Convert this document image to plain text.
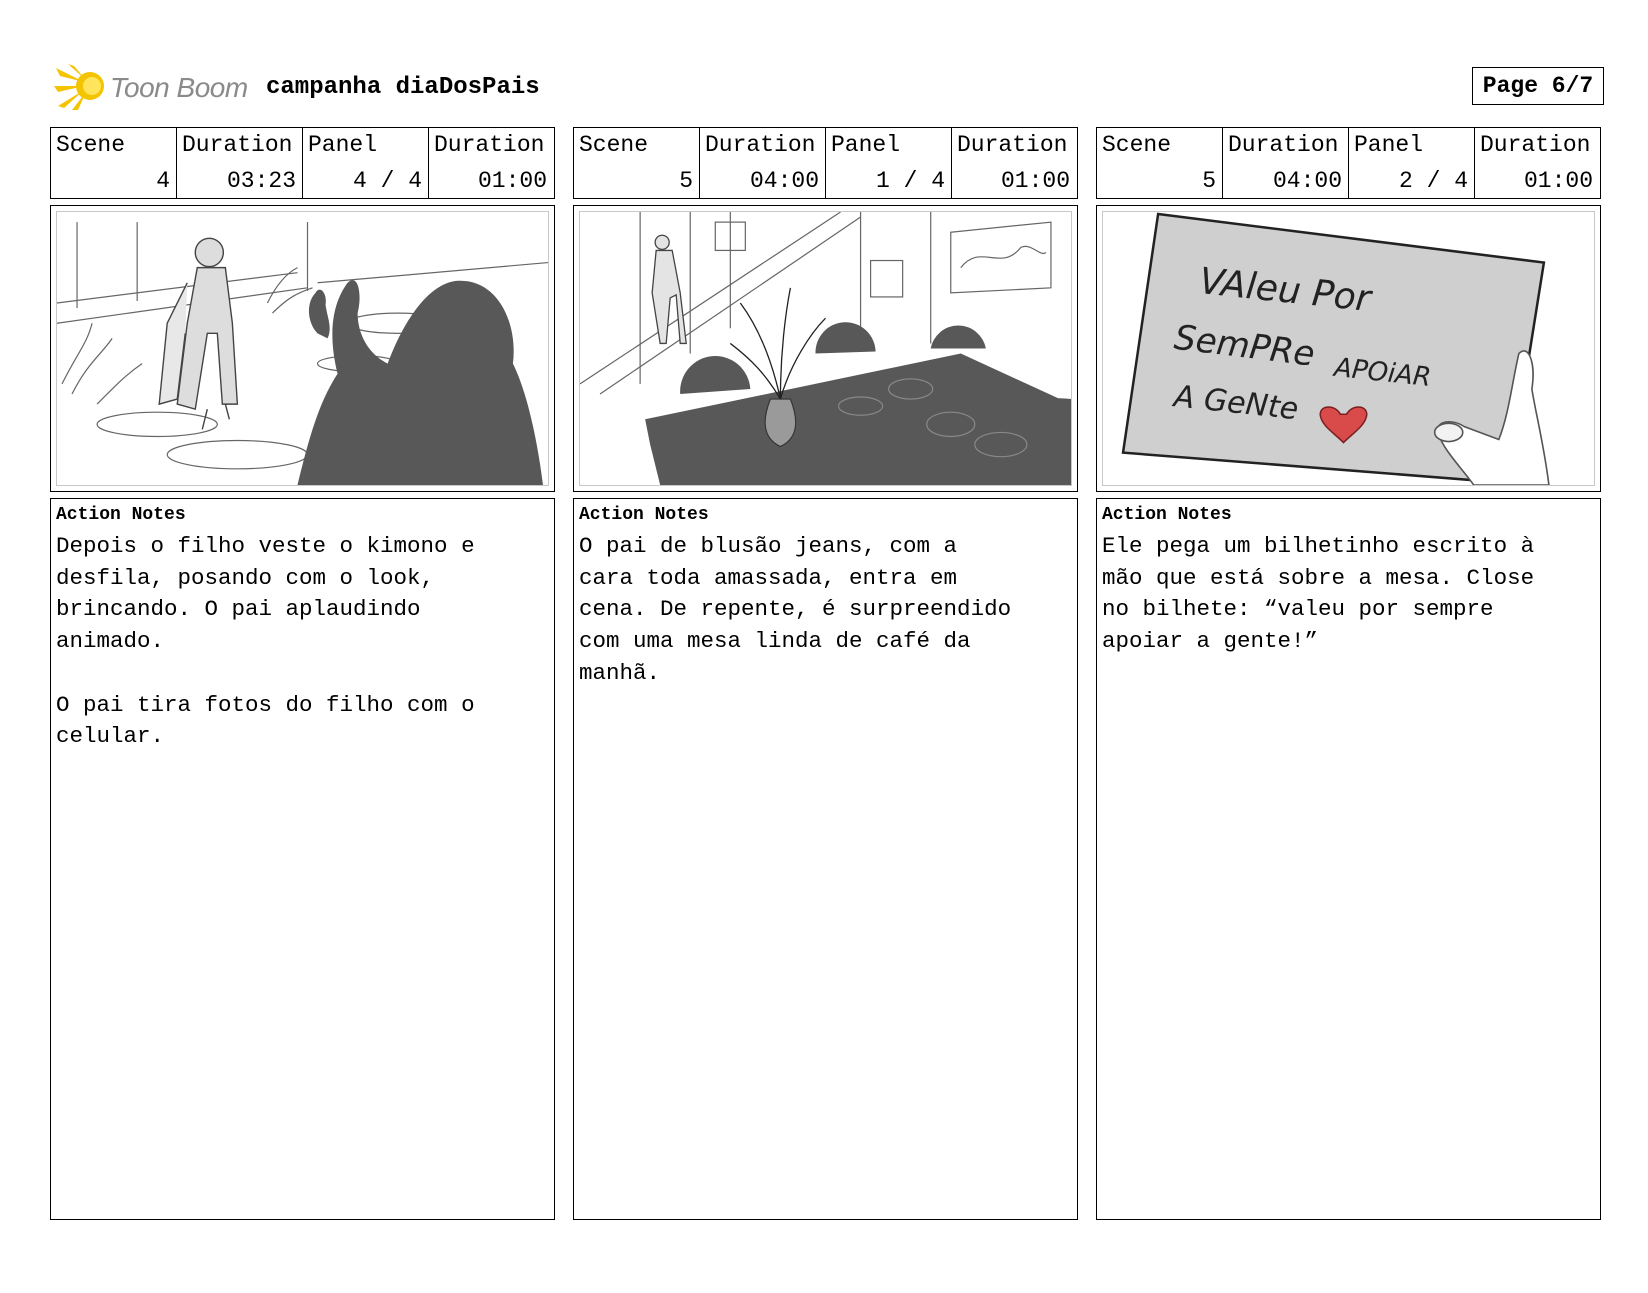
Toon Boom campanha diaDosPais	Page 6/7
Scene
4
Duration
03:23
Panel
4 / 4
Duration
01:00
Action Notes
Depois o filho veste o kimono e
desfila, posando com o look,
brincando. O pai aplaudindo
animado.

O pai tira fotos do filho com o
celular.
Scene
5
Duration
04:00
Panel
1 / 4
Duration
01:00
Action Notes
O pai de blusão jeans, com a
cara toda amassada, entra em
cena. De repente, é surpreendido
com uma mesa linda de café da
manhã.
Scene
5
Duration
04:00
Panel
2 / 4
Duration
01:00
VAleu Por
SemPRe APOiAR
A GeNte
Action Notes
Ele pega um bilhetinho escrito à
mão que está sobre a mesa. Close
no bilhete: “valeu por sempre
apoiar a gente!”
